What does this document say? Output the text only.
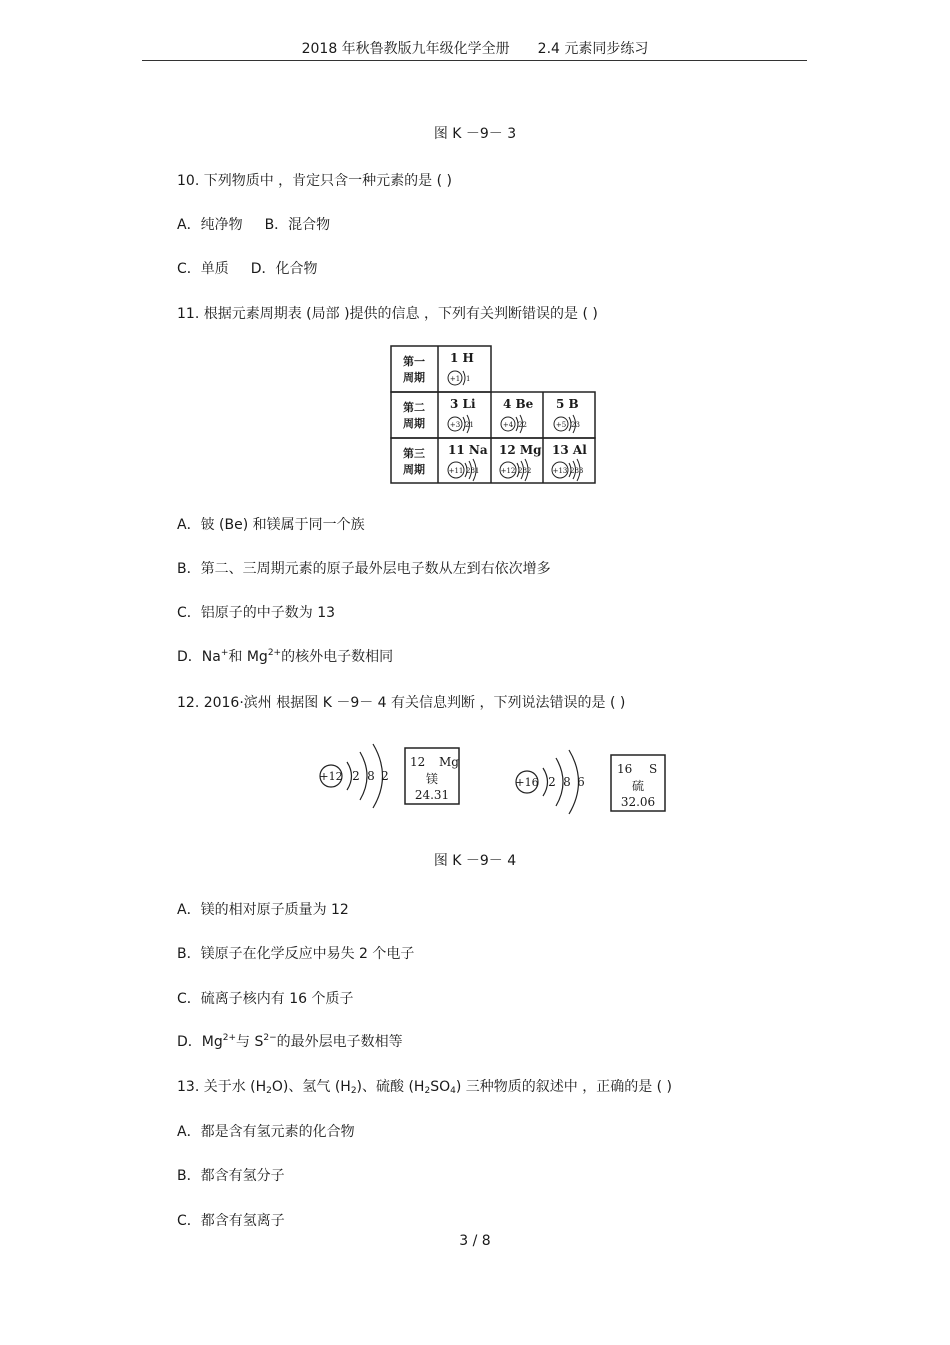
2018 年秋鲁教版九年级化学全册　　2.4 元素同步练习
图 K －9－ 3
10. 下列物质中 ，肯定只含一种元素的是 ( )
A．纯净物 B．混合物
C．单质 D．化合物
11. 根据元素周期表 (局部 )提供的信息 ，下列有关判断错误的是 ( )
第一
周期
第二
周期
第三
周期
1 H
+1 1
3 Li
+3 21
4 Be
+4 22
5 B
+5 23
11 Na
+11 281
12 Mg
+12 282
13 Al
+13 283
A．铍 (Be) 和镁属于同一个族
B．第二、三周期元素的原子最外层电子数从左到右依次增多
C．铝原子的中子数为 13
D．Na+和 $Mg^{2+}$的核外电子数相同
12. 2016·滨州 根据图 K －9－ 4 有关信息判断 ，下列说法错误的是 ( )
+12 2 8 2
12 Mg
镁
24.31
+16 2 8 6
16 S
硫
32.06
图 K －9－ 4
A．镁的相对原子质量为 12
B．镁原子在化学反应中易失 2 个电子
C．硫离子核内有 16 个质子
D．$Mg^{2+}$与 $S^{2-}$的最外层电子数相等
13. 关于水 $(H_2O)$、氢气 $(H_2)$、硫酸 $(H_2SO_4)$ 三种物质的叙述中 ，正确的是 ( )
A．都是含有氢元素的化合物
B．都含有氢分子
C．都含有氢离子
3 / 8
